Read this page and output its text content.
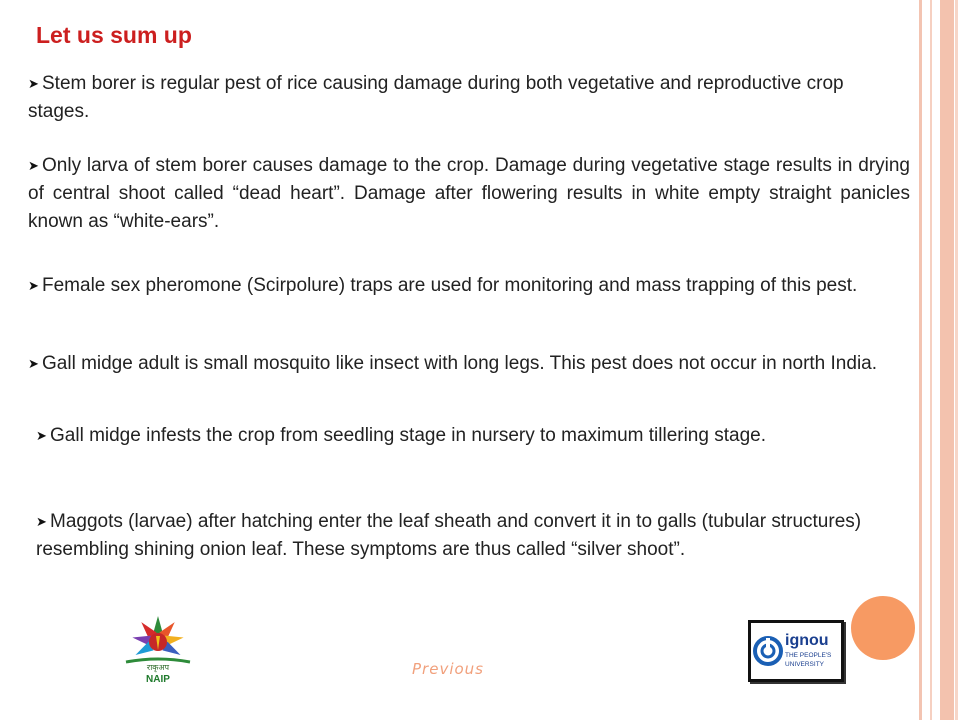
Let us sum up
➤ Stem borer is regular pest of rice causing damage during both vegetative and reproductive crop stages.
➤ Only larva of stem borer causes damage to the crop. Damage during vegetative stage results in drying of central shoot called “dead heart”. Damage after flowering results in white empty straight panicles known as “white-ears”.
➤ Female sex pheromone (Scirpolure) traps are used for monitoring and mass trapping of this pest.
➤ Gall midge adult is small mosquito like insect with long legs. This pest does not occur in north India.
➤ Gall midge infests the crop from seedling stage in nursery to maximum tillering stage.
➤ Maggots (larvae) after hatching enter the leaf sheath and convert it in to galls (tubular structures) resembling shining onion leaf. These symptoms are thus called “silver shoot”.
राकृअप
NAIP
ignou
THE PEOPLE'S
UNIVERSITY
Previous
